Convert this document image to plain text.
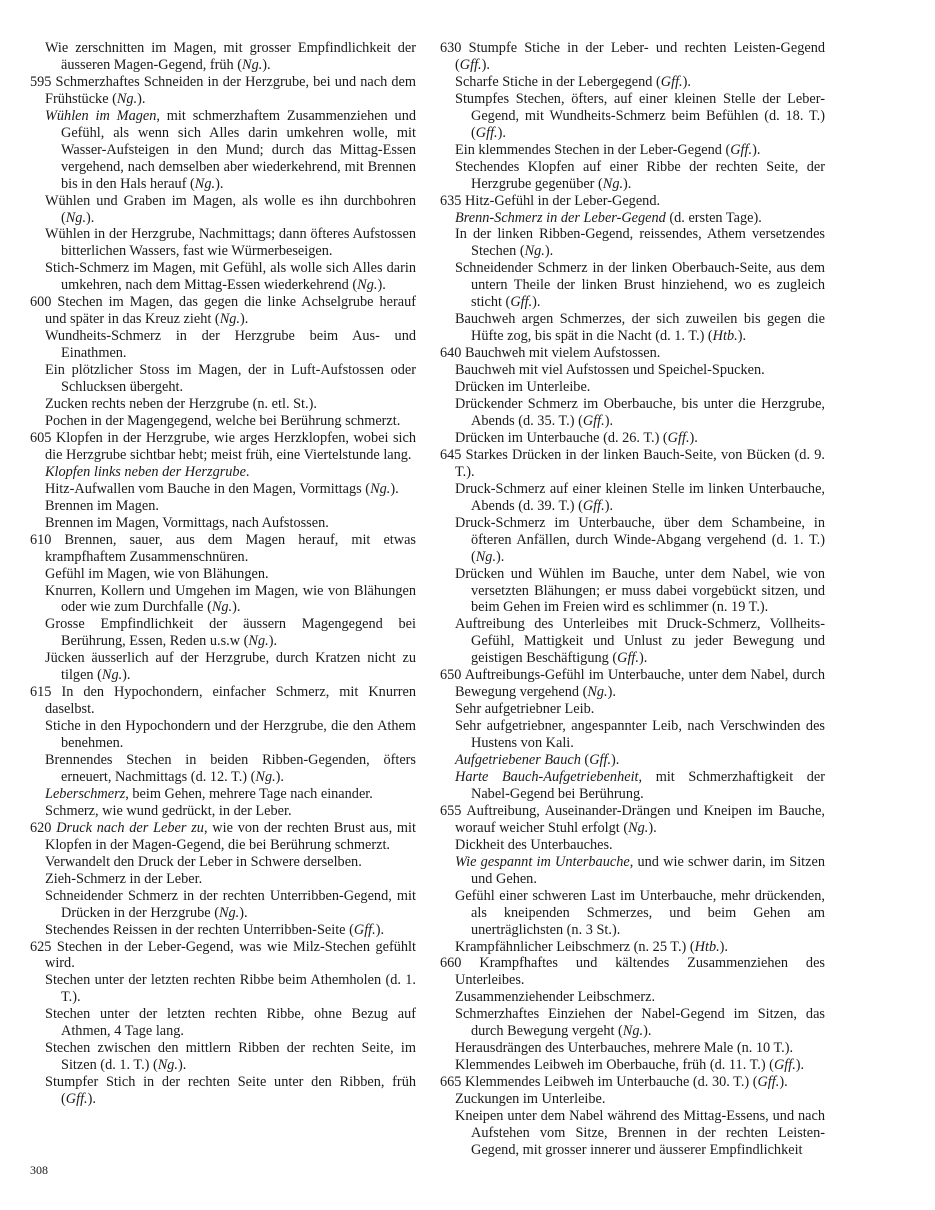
Wie zerschnitten im Magen, mit grosser Empfindlichkeit der äusseren Magen-Gegend, früh (Ng.).

595 Schmerzhaftes Schneiden in der Herzgrube, bei und nach dem Frühstücke (Ng.).

Wühlen im Magen, mit schmerzhaftem Zusammenziehen und Gefühl, als wenn sich Alles darin umkehren wolle, mit Wasser-Aufsteigen in den Mund; durch das Mittag-Essen vergehend, nach demselben aber wiederkehrend, mit Brennen bis in den Hals herauf (Ng.).

Wühlen und Graben im Magen, als wolle es ihn durchbohren (Ng.).

Wühlen in der Herzgrube, Nachmittags; dann öfteres Aufstossen bitterlichen Wassers, fast wie Würmerbeseigen.

Stich-Schmerz im Magen, mit Gefühl, als wolle sich Alles darin umkehren, nach dem Mittag-Essen wiederkehrend (Ng.).

600 Stechen im Magen, das gegen die linke Achselgrube herauf und später in das Kreuz zieht (Ng.).

Wundheits-Schmerz in der Herzgrube beim Aus- und Einathmen.

Ein plötzlicher Stoss im Magen, der in Luft-Aufstossen oder Schlucksen übergeht.

Zucken rechts neben der Herzgrube (n. etl. St.).

Pochen in der Magengegend, welche bei Berührung schmerzt.

605 Klopfen in der Herzgrube, wie arges Herzklopfen, wobei sich die Herzgrube sichtbar hebt; meist früh, eine Viertelstunde lang.

Klopfen links neben der Herzgrube.

Hitz-Aufwallen vom Bauche in den Magen, Vormittags (Ng.).

Brennen im Magen.

Brennen im Magen, Vormittags, nach Aufstossen.

610 Brennen, sauer, aus dem Magen herauf, mit etwas krampfhaftem Zusammenschnüren.

Gefühl im Magen, wie von Blähungen.

Knurren, Kollern und Umgehen im Magen, wie von Blähungen oder wie zum Durchfalle (Ng.).

Grosse Empfindlichkeit der äussern Magengegend bei Berührung, Essen, Reden u.s.w (Ng.).

Jücken äusserlich auf der Herzgrube, durch Kratzen nicht zu tilgen (Ng.).

615 In den Hypochondern, einfacher Schmerz, mit Knurren daselbst.

Stiche in den Hypochondern und der Herzgrube, die den Athem benehmen.

Brennendes Stechen in beiden Ribben-Gegenden, öfters erneuert, Nachmittags (d. 12. T.) (Ng.).

Leberschmerz, beim Gehen, mehrere Tage nach einander.

Schmerz, wie wund gedrückt, in der Leber.

620 Druck nach der Leber zu, wie von der rechten Brust aus, mit Klopfen in der Magen-Gegend, die bei Berührung schmerzt.

Verwandelt den Druck der Leber in Schwere derselben.

Zieh-Schmerz in der Leber.

Schneidender Schmerz in der rechten Unterribben-Gegend, mit Drücken in der Herzgrube (Ng.).

Stechendes Reissen in der rechten Unterribben-Seite (Gff.).

625 Stechen in der Leber-Gegend, was wie Milz-Stechen gefühlt wird.

Stechen unter der letzten rechten Ribbe beim Athemholen (d. 1. T.).

Stechen unter der letzten rechten Ribbe, ohne Bezug auf Athmen, 4 Tage lang.

Stechen zwischen den mittlern Ribben der rechten Seite, im Sitzen (d. 1. T.) (Ng.).

Stumpfer Stich in der rechten Seite unter den Ribben, früh (Gff.).

630 Stumpfe Stiche in der Leber- und rechten Leisten-Gegend (Gff.).

Scharfe Stiche in der Lebergegend (Gff.).

Stumpfes Stechen, öfters, auf einer kleinen Stelle der Leber-Gegend, mit Wundheits-Schmerz beim Befühlen (d. 18. T.) (Gff.).

Ein klemmendes Stechen in der Leber-Gegend (Gff.).

Stechendes Klopfen auf einer Ribbe der rechten Seite, der Herzgrube gegenüber (Ng.).

635 Hitz-Gefühl in der Leber-Gegend.

Brenn-Schmerz in der Leber-Gegend (d. ersten Tage).

In der linken Ribben-Gegend, reissendes, Athem versetzendes Stechen (Ng.).

Schneidender Schmerz in der linken Oberbauch-Seite, aus dem untern Theile der linken Brust hinziehend, wo es zugleich sticht (Gff.).

Bauchweh argen Schmerzes, der sich zuweilen bis gegen die Hüfte zog, bis spät in die Nacht (d. 1. T.) (Htb.).

640 Bauchweh mit vielem Aufstossen.

Bauchweh mit viel Aufstossen und Speichel-Spucken.

Drücken im Unterleibe.

Drückender Schmerz im Oberbauche, bis unter die Herzgrube, Abends (d. 35. T.) (Gff.).

Drücken im Unterbauche (d. 26. T.) (Gff.).

645 Starkes Drücken in der linken Bauch-Seite, von Bücken (d. 9. T.).

Druck-Schmerz auf einer kleinen Stelle im linken Unterbauche, Abends (d. 39. T.) (Gff.).

Druck-Schmerz im Unterbauche, über dem Schambeine, in öfteren Anfällen, durch Winde-Abgang vergehend (d. 1. T.) (Ng.).

Drücken und Wühlen im Bauche, unter dem Nabel, wie von versetzten Blähungen; er muss dabei vorgebückt sitzen, und beim Gehen im Freien wird es schlimmer (n. 19 T.).

Auftreibung des Unterleibes mit Druck-Schmerz, Vollheits-Gefühl, Mattigkeit und Unlust zu jeder Bewegung und geistigen Beschäftigung (Gff.).

650 Auftreibungs-Gefühl im Unterbauche, unter dem Nabel, durch Bewegung vergehend (Ng.).

Sehr aufgetriebner Leib.

Sehr aufgetriebner, angespannter Leib, nach Verschwinden des Hustens von Kali.

Aufgetriebener Bauch (Gff.).

Harte Bauch-Aufgetriebenheit, mit Schmerzhaftigkeit der Nabel-Gegend bei Berührung.

655 Auftreibung, Auseinander-Drängen und Kneipen im Bauche, worauf weicher Stuhl erfolgt (Ng.).

Dickheit des Unterbauches.

Wie gespannt im Unterbauche, und wie schwer darin, im Sitzen und Gehen.

Gefühl einer schweren Last im Unterbauche, mehr drückenden, als kneipenden Schmerzes, und beim Gehen am unerträglichsten (n. 3 St.).

Krampfähnlicher Leibschmerz (n. 25 T.) (Htb.).

660 Krampfhaftes und kältendes Zusammenziehen des Unterleibes.

Zusammenziehender Leibschmerz.

Schmerzhaftes Einziehen der Nabel-Gegend im Sitzen, das durch Bewegung vergeht (Ng.).

Herausdrängen des Unterbauches, mehrere Male (n. 10 T.).

Klemmendes Leibweh im Oberbauche, früh (d. 11. T.) (Gff.).

665 Klemmendes Leibweh im Unterbauche (d. 30. T.) (Gff.).

Zuckungen im Unterleibe.

Kneipen unter dem Nabel während des Mittag-Essens, und nach Aufstehen vom Sitze, Brennen in der rechten Leisten-Gegend, mit grosser innerer und äusserer Empfindlichkeit

308
